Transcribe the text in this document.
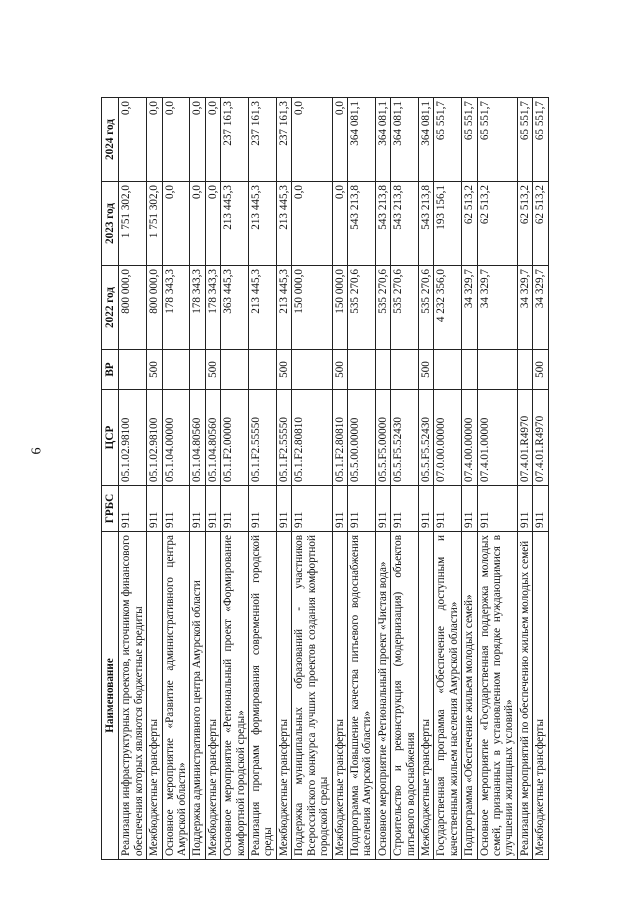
6
Наименование	ГРБС	ЦСР	ВР	2022 год	2023 год	2024 год
Реализация инфраструктурных проектов, источником финансового обеспечения которых являются бюджетные кредиты	911	05.1.02.98100		800 000,0	1 751 302,0	0,0
Межбюджетные трансферты	911	05.1.02.98100	500	800 000,0	1 751 302,0	0,0
Основное мероприятие «Развитие административного центра Амурской области»	911	05.1.04.00000		178 343,3	0,0	0,0
Поддержка административного центра Амурской области	911	05.1.04.80560		178 343,3	0,0	0,0
Межбюджетные трансферты	911	05.1.04.80560	500	178 343,3	0,0	0,0
Основное мероприятие «Региональный проект «Формирование комфортной городской среды»	911	05.1.F2.00000		363 445,3	213 445,3	237 161,3
Реализация программ формирования современной городской среды	911	05.1.F2.55550		213 445,3	213 445,3	237 161,3
Межбюджетные трансферты	911	05.1.F2.55550	500	213 445,3	213 445,3	237 161,3
Поддержка муниципальных образований - участников Всероссийского конкурса лучших проектов создания комфортной городской среды	911	05.1.F2.80810		150 000,0	0,0	0,0
Межбюджетные трансферты	911	05.1.F2.80810	500	150 000,0	0,0	0,0
Подпрограмма «Повышение качества питьевого водоснабжения населения Амурской области»	911	05.5.00.00000		535 270,6	543 213,8	364 081,1
Основное мероприятие «Региональный проект «Чистая вода»	911	05.5.F5.00000		535 270,6	543 213,8	364 081,1
Строительство и реконструкция (модернизация) объектов питьевого водоснабжения	911	05.5.F5.52430		535 270,6	543 213,8	364 081,1
Межбюджетные трансферты	911	05.5.F5.52430	500	535 270,6	543 213,8	364 081,1
Государственная программа «Обеспечение доступным и качественным жильем населения Амурской области»	911	07.0.00.00000		4 232 356,0	193 156,1	65 551,7
Подпрограмма «Обеспечение жильем молодых семей»	911	07.4.00.00000		34 329,7	62 513,2	65 551,7
Основное мероприятие «Государственная поддержка молодых семей, признанных в установленном порядке нуждающимися в улучшении жилищных условий»	911	07.4.01.00000		34 329,7	62 513,2	65 551,7
Реализация мероприятий по обеспечению жильем молодых семей	911	07.4.01.R4970		34 329,7	62 513,2	65 551,7
Межбюджетные трансферты	911	07.4.01.R4970	500	34 329,7	62 513,2	65 551,7
